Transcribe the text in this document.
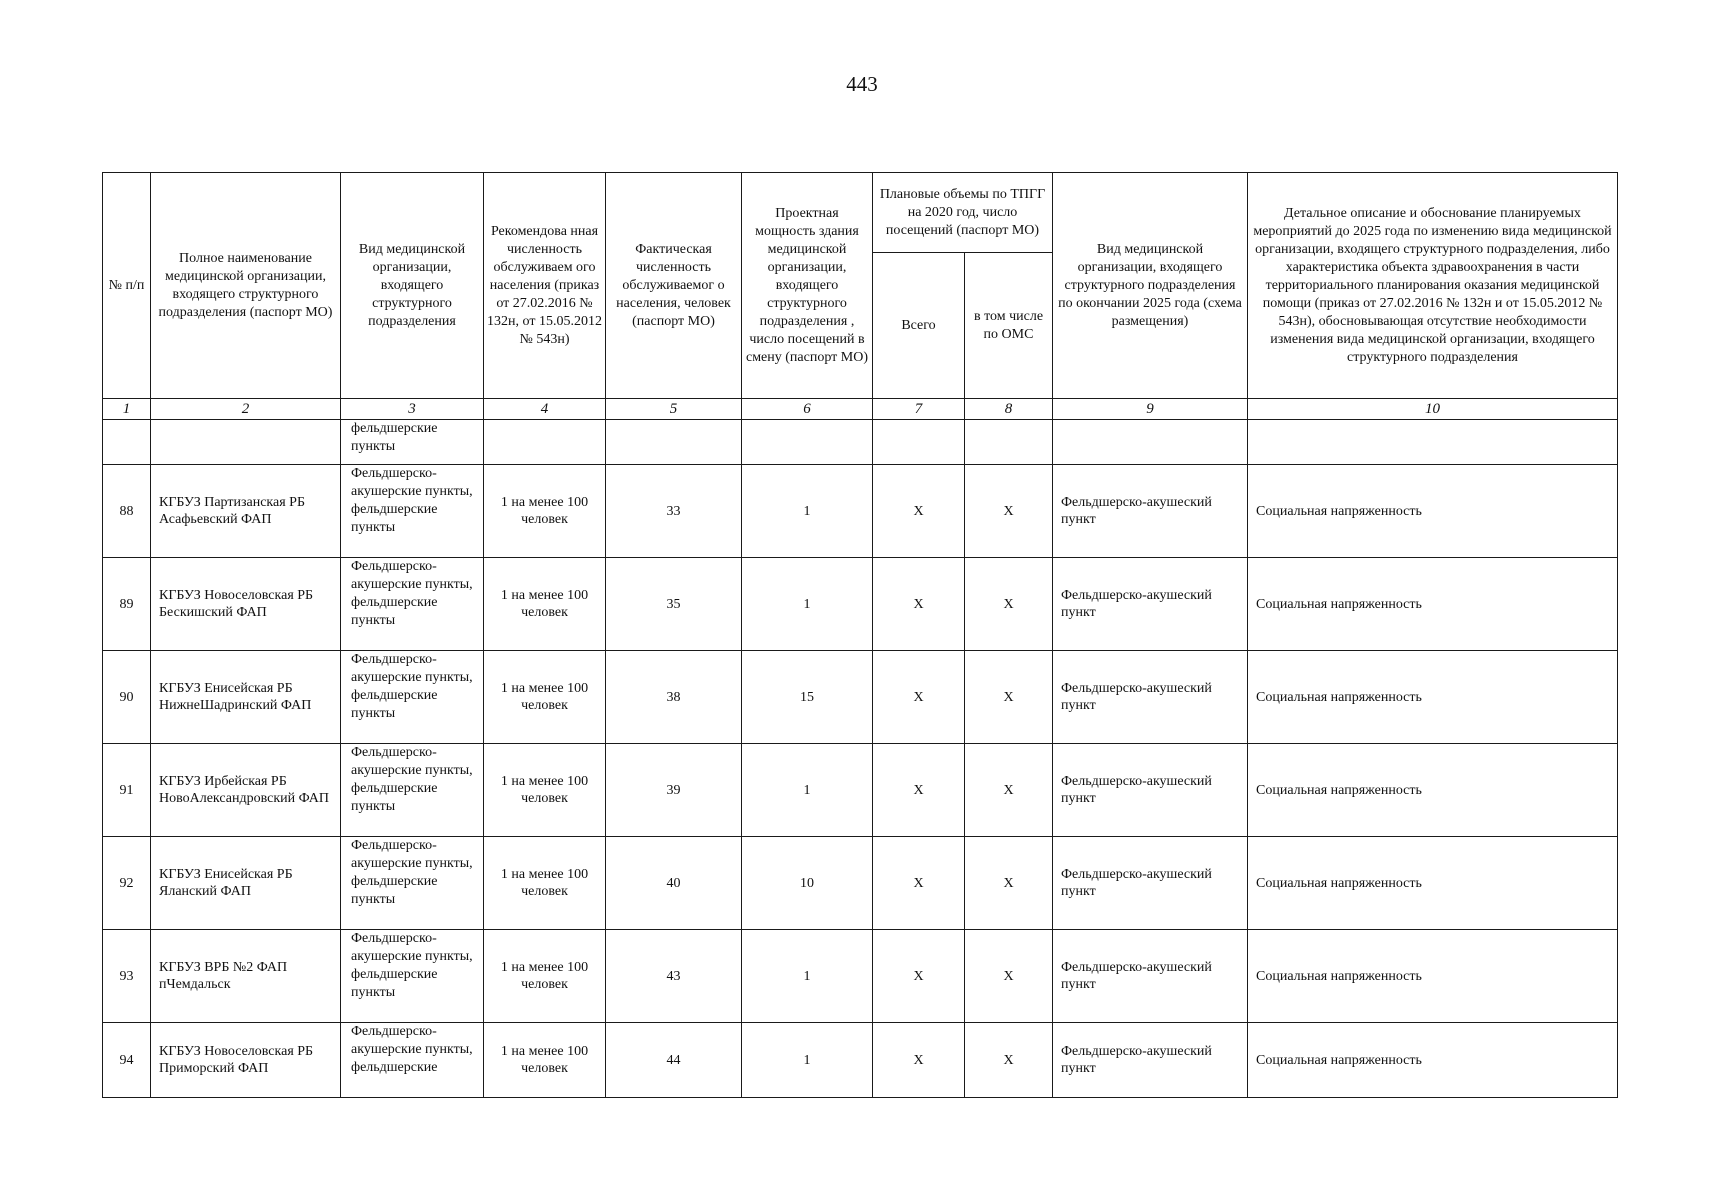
443
№ п/п	Полное наименование медицинской организации, входящего структурного подразделения (паспорт МО)	Вид медицинской организации, входящего структурного подразделения	Рекомендова нная численность обслуживаем ого населения (приказ от 27.02.2016 № 132н, от 15.05.2012 № 543н)	Фактическая численность обслуживаемог о населения, человек (паспорт МО)	Проектная мощность здания медицинской организации, входящего структурного подразделения , число посещений в смену (паспорт МО)	Плановые объемы по ТПГГ на 2020 год, число посещений (паспорт МО)		Вид медицинской организации, входящего структурного подразделения по окончании 2025 года (схема размещения)	Детальное описание и обоснование планируемых мероприятий до 2025 года по изменению вида медицинской организации, входящего структурного подразделения, либо характеристика объекта здравоохранения в части территориального планирования оказания медицинской помощи (приказ от 27.02.2016 № 132н и от 15.05.2012 № 543н), обосновывающая отсутствие необходимости изменения вида медицинской организации, входящего структурного подразделения
						Всего	в том числе по ОМС		
1	2	3	4	5	6	7	8	9	10
		фельдшерские пункты							
88	КГБУЗ Партизанская РБ Асафьевский ФАП	Фельдшерско-акушерские пункты, фельдшерские пункты	1 на менее 100 человек	33	1	X	X	Фельдшерско-акушеский пункт	Социальная напряженность
89	КГБУЗ Новоселовская РБ Бескишский ФАП	Фельдшерско-акушерские пункты, фельдшерские пункты	1 на менее 100 человек	35	1	X	X	Фельдшерско-акушеский пункт	Социальная напряженность
90	КГБУЗ Енисейская РБ НижнеШадринский ФАП	Фельдшерско-акушерские пункты, фельдшерские пункты	1 на менее 100 человек	38	15	X	X	Фельдшерско-акушеский пункт	Социальная напряженность
91	КГБУЗ Ирбейская РБ НовоАлександровский ФАП	Фельдшерско-акушерские пункты, фельдшерские пункты	1 на менее 100 человек	39	1	X	X	Фельдшерско-акушеский пункт	Социальная напряженность
92	КГБУЗ Енисейская РБ Яланский ФАП	Фельдшерско-акушерские пункты, фельдшерские пункты	1 на менее 100 человек	40	10	X	X	Фельдшерско-акушеский пункт	Социальная напряженность
93	КГБУЗ ВРБ №2 ФАП пЧемдальск	Фельдшерско-акушерские пункты, фельдшерские пункты	1 на менее 100 человек	43	1	X	X	Фельдшерско-акушеский пункт	Социальная напряженность
94	КГБУЗ Новоселовская РБ Приморский ФАП	Фельдшерско-акушерские пункты, фельдшерские	1 на менее 100 человек	44	1	X	X	Фельдшерско-акушеский пункт	Социальная напряженность
